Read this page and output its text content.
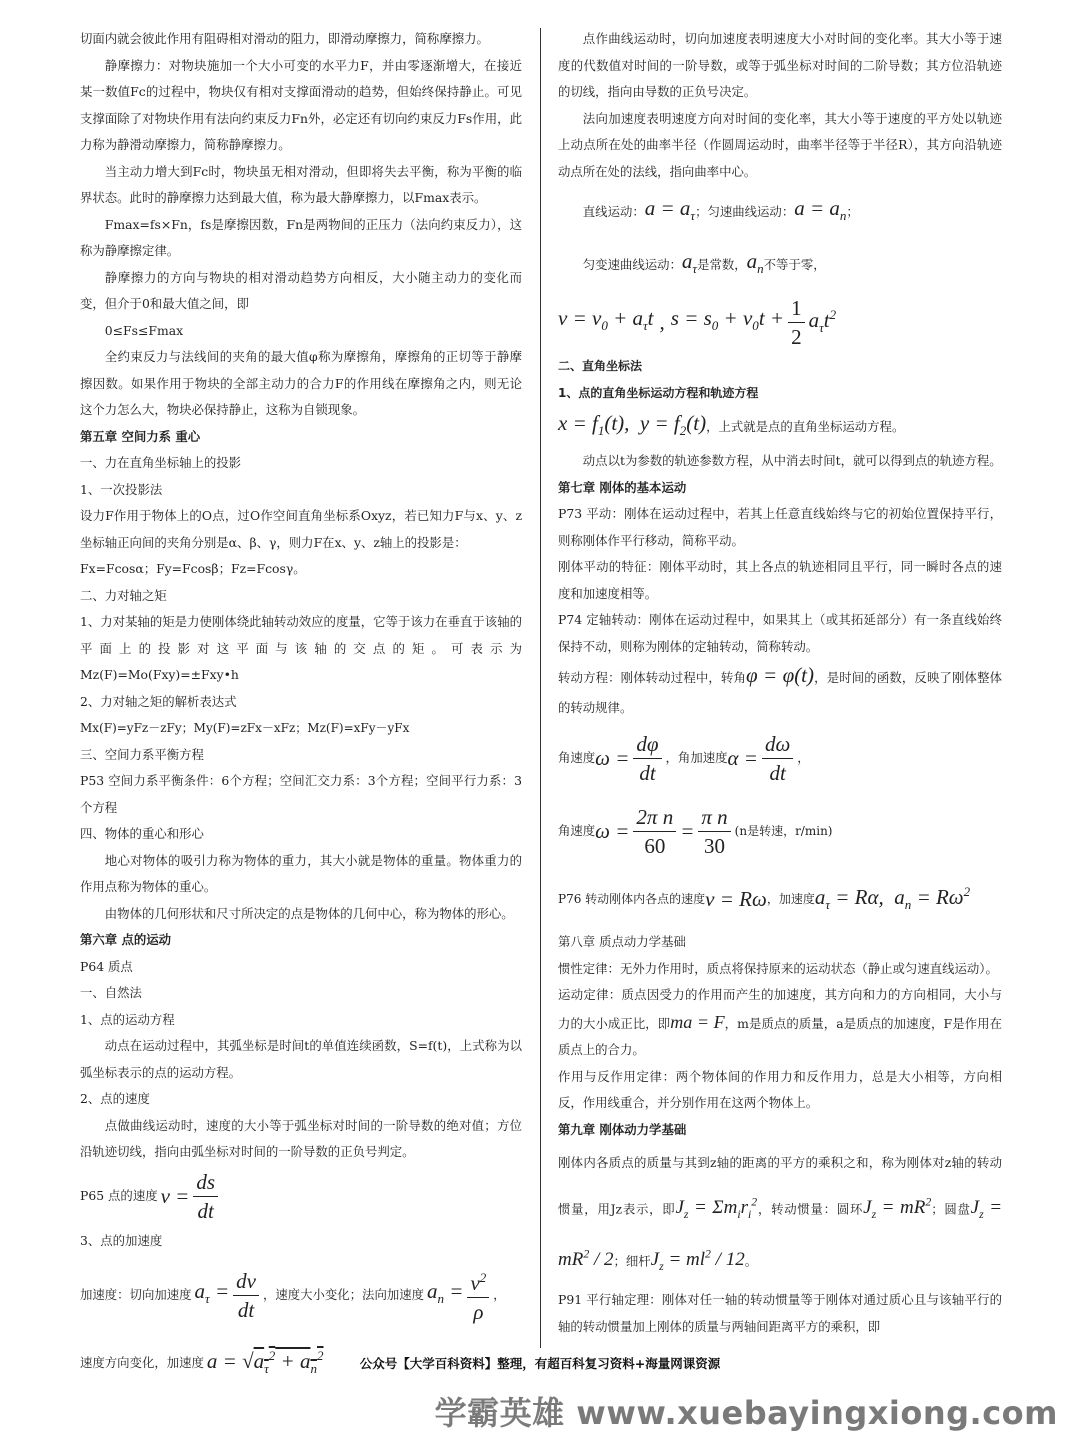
切面内就会彼此作用有阻碍相对滑动的阻力，即滑动摩擦力，简称摩擦力。

静摩擦力：对物块施加一个大小可变的水平力F，并由零逐渐增大，在接近某一数值Fc的过程中，物块仅有相对支撑面滑动的趋势，但始终保持静止。可见支撑面除了对物块作用有法向约束反力Fn外，必定还有切向约束反力Fs作用，此力称为静滑动摩擦力，简称静摩擦力。

当主动力增大到Fc时，物块虽无相对滑动，但即将失去平衡，称为平衡的临界状态。此时的静摩擦力达到最大值，称为最大静摩擦力，以Fmax表示。

Fmax=fs×Fn，fs是摩擦因数，Fn是两物间的正压力（法向约束反力），这称为静摩擦定律。

静摩擦力的方向与物块的相对滑动趋势方向相反，大小随主动力的变化而变，但介于0和最大值之间，即

0≤Fs≤Fmax

全约束反力与法线间的夹角的最大值φ称为摩擦角，摩擦角的正切等于静摩擦因数。如果作用于物块的全部主动力的合力F的作用线在摩擦角之内，则无论这个力怎么大，物块必保持静止，这称为自锁现象。

第五章 空间力系 重心

一、力在直角坐标轴上的投影

1、一次投影法

设力F作用于物体上的O点，过O作空间直角坐标系Oxyz，若已知力F与x、y、z坐标轴正向间的夹角分别是α、β、γ，则力F在x、y、z轴上的投影是：

Fx=Fcosα；Fy=Fcosβ；Fz=Fcosγ。

二、力对轴之矩

1、力对某轴的矩是力使刚体绕此轴转动效应的度量，它等于该力在垂直于该轴的平面上的投影对这平面与该轴的交点的矩。可表示为Mz(F)=Mo(Fxy)=±Fxy•h

2、力对轴之矩的解析表达式

Mx(F)=yFz－zFy；My(F)=zFx－xFz；Mz(F)=xFy－yFx

三、空间力系平衡方程

P53 空间力系平衡条件：6个方程；空间汇交力系：3个方程；空间平行力系：3个方程

四、物体的重心和形心

地心对物体的吸引力称为物体的重力，其大小就是物体的重量。物体重力的作用点称为物体的重心。

由物体的几何形状和尺寸所决定的点是物体的几何中心，称为物体的形心。

第六章 点的运动

P64 质点

一、自然法

1、点的运动方程

动点在运动过程中，其弧坐标是时间t的单值连续函数，S=f(t)，上式称为以弧坐标表示的点的运动方程。

2、点的速度

点做曲线运动时，速度的大小等于弧坐标对时间的一阶导数的绝对值；方位沿轨迹切线，指向由弧坐标对时间的一阶导数的正负号判定。

P65 点的速度 $v = \frac{ds}{dt}$

3、点的加速度

加速度：切向加速度 $a_\tau = \frac{dv}{dt}$ ，速度大小变化；法向加速度 $a_n = \frac{v^2}{\rho}$ ，
速度方向变化，加速度 $a = √a_\tau^2 + a_n^2$

点作曲线运动时，切向加速度表明速度大小对时间的变化率。其大小等于速度的代数值对时间的一阶导数，或等于弧坐标对时间的二阶导数；其方位沿轨迹的切线，指向由导数的正负号决定。

法向加速度表明速度方向对时间的变化率，其大小等于速度的平方处以轨迹上动点所在处的曲率半径（作圆周运动时，曲率半径等于半径R），其方向沿轨迹动点所在处的法线，指向曲率中心。

直线运动： $a = a_\tau$ ；匀速曲线运动： $a = a_n$ ；
匀变速曲线运动： $a_\tau$ 是常数， $a_n$ 不等于零，
$v = v_0 + a_\tau t$ , $s = s_0 + v_0t + \frac{1}{2} a_\tau t^2$

二、直角坐标法

1、点的直角坐标运动方程和轨迹方程

$x = f_1(t)$,  $y = f_2(t)$ ，上式就是点的直角坐标运动方程。

动点以t为参数的轨迹参数方程，从中消去时间t，就可以得到点的轨迹方程。

第七章 刚体的基本运动

P73 平动：刚体在运动过程中，若其上任意直线始终与它的初始位置保持平行，则称刚体作平行移动，简称平动。

刚体平动的特征：刚体平动时，其上各点的轨迹相同且平行，同一瞬时各点的速度和加速度相等。

P74 定轴转动：刚体在运动过程中，如果其上（或其拓延部分）有一条直线始终保持不动，则称为刚体的定轴转动，简称转动。

转动方程：刚体转动过程中，转角φ = φ(t)，是时间的函数，反映了刚体整体的转动规律。

角速度 $\omega = \frac{d\varphi}{dt}$ ，角加速度 $\alpha = \frac{d\omega}{dt}$ ，
角速度 $\omega = \frac{\text{2π n}}{60} = \frac{\text{π n}}{30} (n$是转速，r/min)
P76 转动刚体内各点的速度 v = Rω ，加速度 $a_\tau = R\alpha$,  $a_n = R\omega^2$

第八章 质点动力学基础

惯性定律：无外力作用时，质点将保持原来的运动状态（静止或匀速直线运动）。

运动定律：质点因受力的作用而产生的加速度，其方向和力的方向相同，大小与力的大小成正比，即ma = F，m是质点的质量，a是质点的加速度，F是作用在质点上的合力。

作用与反作用定律：两个物体间的作用力和反作用力，总是大小相等，方向相反，作用线重合，并分别作用在这两个物体上。

第九章 刚体动力学基础

刚体内各质点的质量与其到z轴的距离的平方的乘积之和，称为刚体对z轴的转动惯量，用Jz表示，即$J_z = \Sigma m_ir_i^2$，转动惯量：圆环$J_z = mR^2$；圆盘$J_z = mR^2 / 2$；细杆$J_z = ml^2 / 12$。

P91 平行轴定理：刚体对任一轴的转动惯量等于刚体对通过质心且与该轴平行的轴的转动惯量加上刚体的质量与两轴间距离平方的乘积，即

公众号【大学百科资料】整理，有超百科复习资料+海量网课资源
学霸英雄 www.xuebayingxiong.com
